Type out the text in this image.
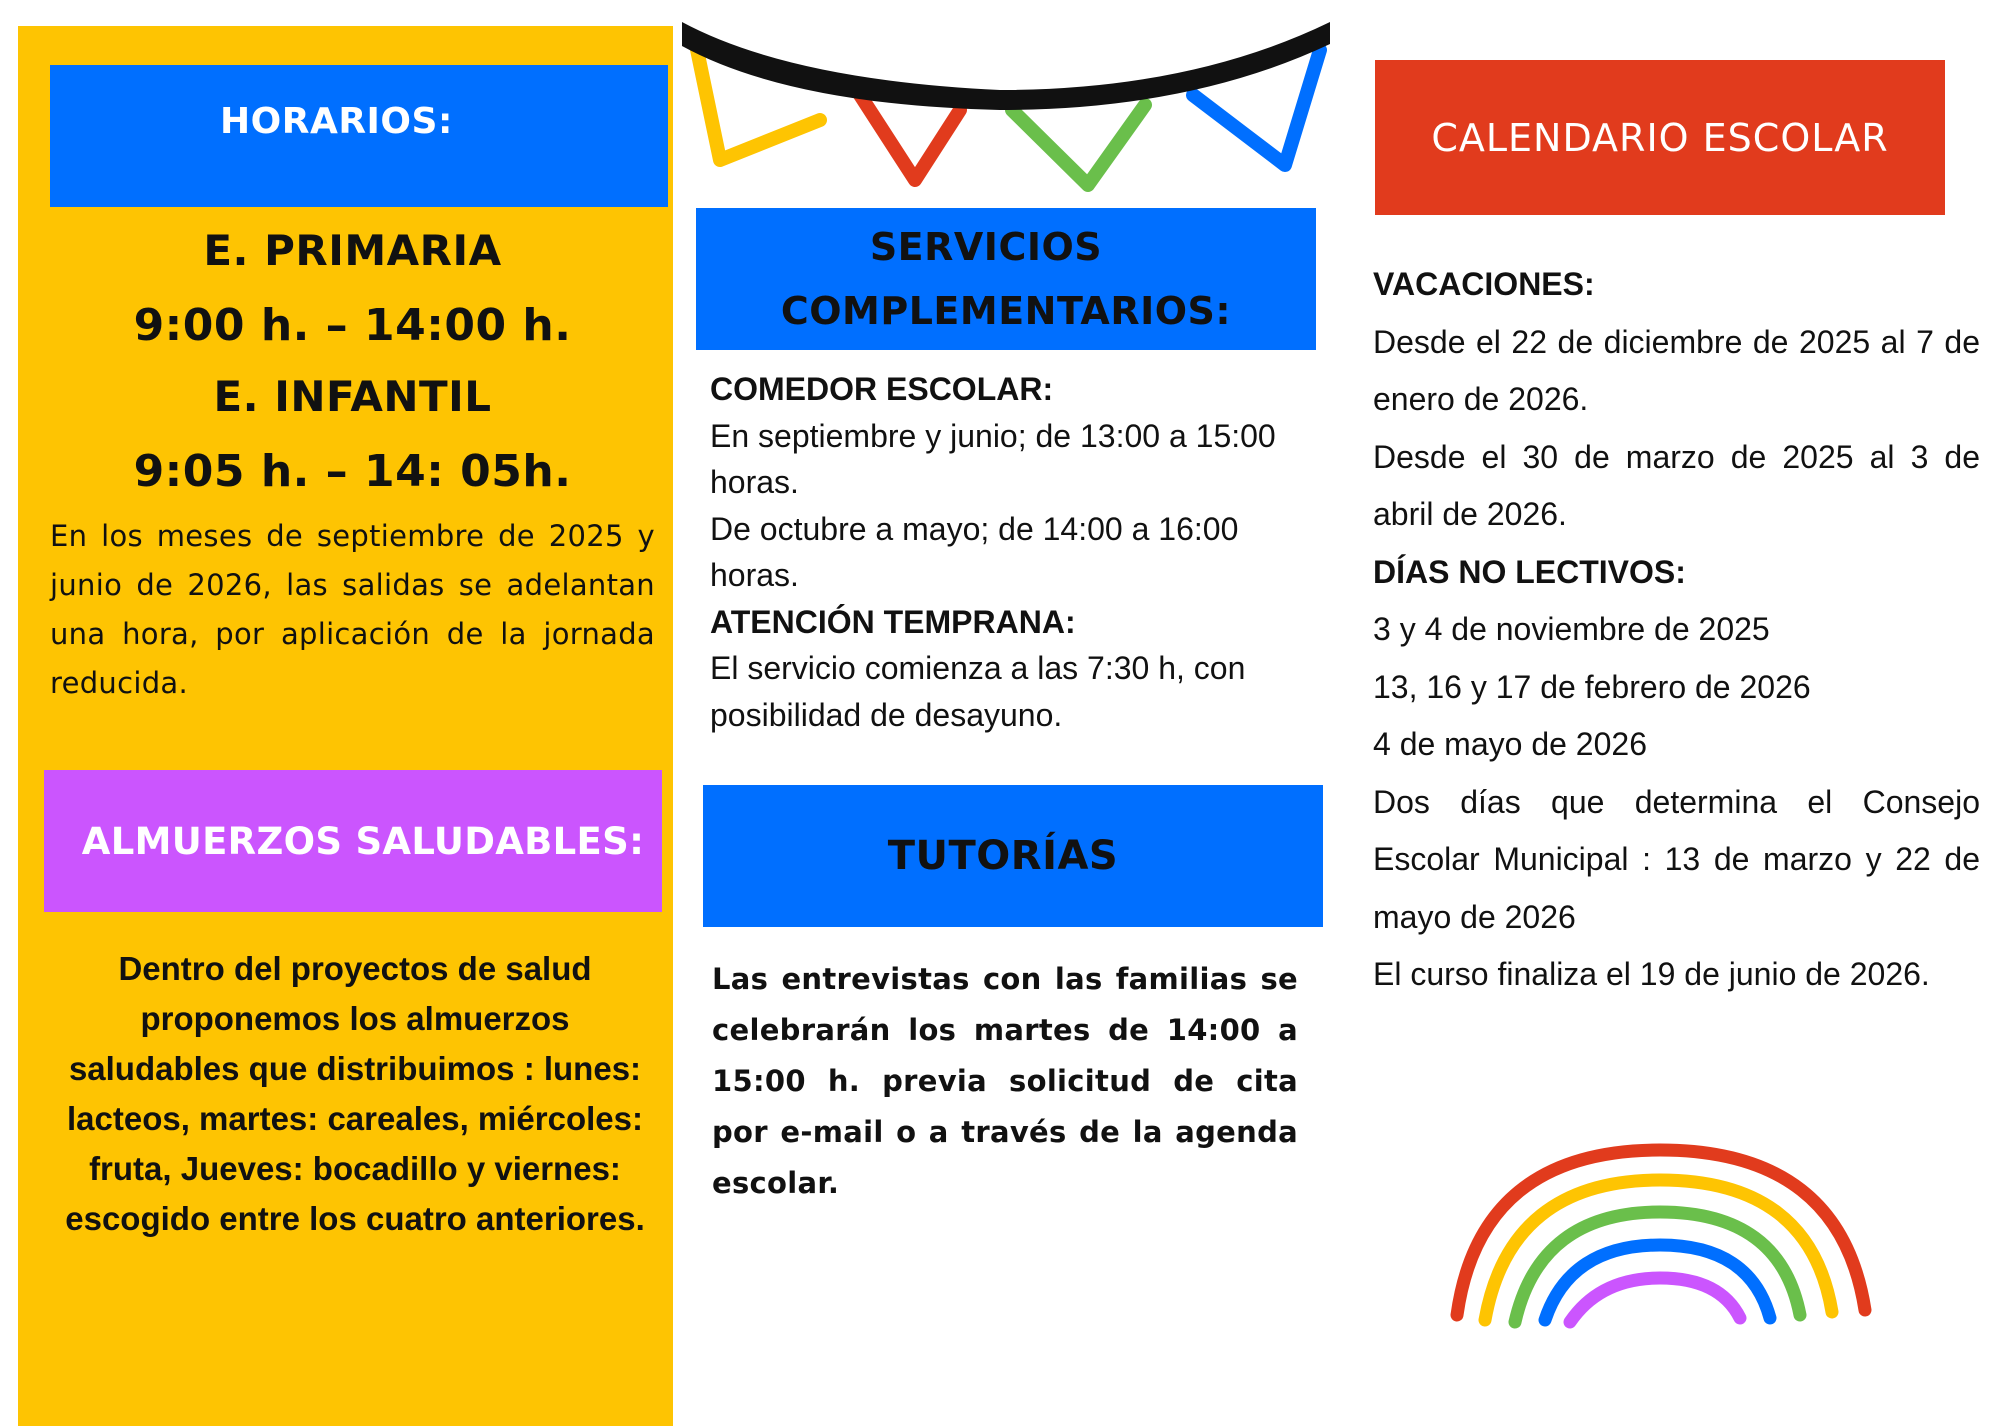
HORARIOS:
E. PRIMARIA
9:00 h. – 14:00 h.
E. INFANTIL
9:05 h. – 14: 05h.
En los meses de septiembre de 2025 y junio de 2026, las salidas se adelantan una hora, por aplicación de la jornada reducida.
ALMUERZOS SALUDABLES:
Dentro del proyectos de salud proponemos los almuerzos saludables que distribuimos : lunes: lacteos, martes: careales, miércoles: fruta, Jueves: bocadillo y viernes: escogido entre los cuatro anteriores.
SERVICIOS
COMPLEMENTARIOS:
COMEDOR ESCOLAR:
En septiembre y junio; de 13:00 a 15:00 horas.
De octubre a mayo; de 14:00 a 16:00 horas.
ATENCIÓN TEMPRANA:
El servicio comienza a las 7:30 h, con posibilidad de desayuno.
TUTORÍAS
Las entrevistas con las familias se celebrarán los martes de 14:00 a 15:00 h. previa solicitud de cita por e-mail o a través de la agenda escolar.
CALENDARIO ESCOLAR
VACACIONES:
Desde el 22 de diciembre de 2025 al 7 de enero de 2026.
Desde el 30 de marzo de 2025 al 3 de abril de 2026.
DÍAS NO LECTIVOS:
3 y 4 de noviembre de 2025
13, 16 y 17 de febrero de 2026
4 de mayo de 2026
Dos días que determina el Consejo Escolar Municipal : 13 de marzo y 22 de mayo de 2026
El curso finaliza el 19 de junio de 2026.
